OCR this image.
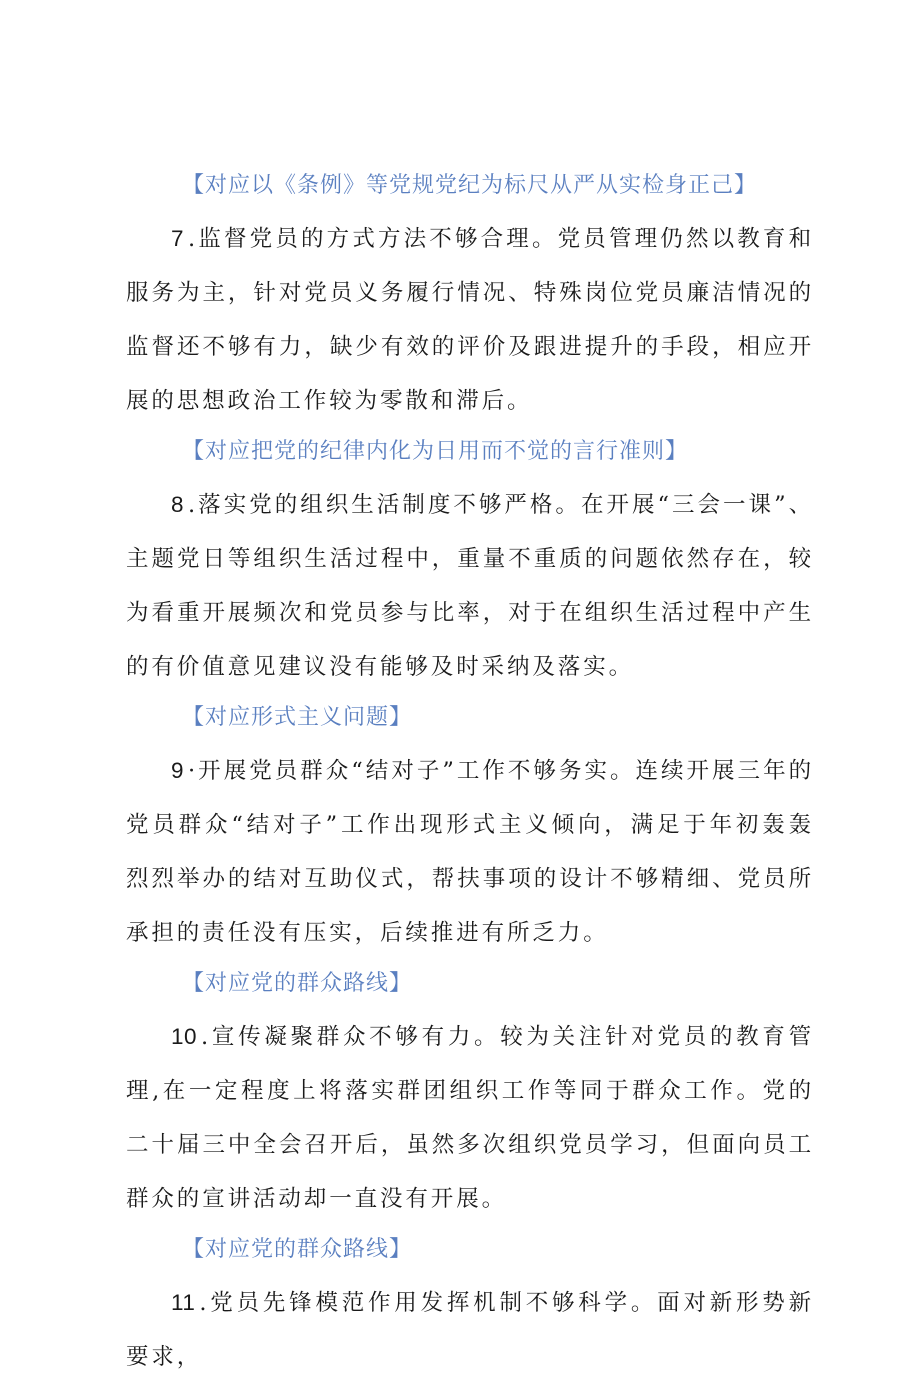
【对应以《条例》等党规党纪为标尺从严从实检身正己】

7 .监督党员的方式方法不够合理。党员管理仍然以教育和服务为主，针对党员义务履行情况、特殊岗位党员廉洁情况的监督还不够有力，缺少有效的评价及跟进提升的手段，相应开展的思想政治工作较为零散和滞后。

【对应把党的纪律内化为日用而不觉的言行准则】

8 .落实党的组织生活制度不够严格。在开展“三会一课”、主题党日等组织生活过程中，重量不重质的问题依然存在，较为看重开展频次和党员参与比率，对于在组织生活过程中产生的有价值意见建议没有能够及时采纳及落实。

【对应形式主义问题】

9 ·开展党员群众“结对子”工作不够务实。连续开展三年的党员群众“结对子”工作出现形式主义倾向，满足于年初轰轰烈烈举办的结对互助仪式，帮扶事项的设计不够精细、党员所承担的责任没有压实，后续推进有所乏力。

【对应党的群众路线】

10 .宣传凝聚群众不够有力。较为关注针对党员的教育管理,在一定程度上将落实群团组织工作等同于群众工作。党的二十届三中全会召开后，虽然多次组织党员学习，但面向员工群众的宣讲活动却一直没有开展。

【对应党的群众路线】

11 .党员先锋模范作用发挥机制不够科学。面对新形势新要求，
